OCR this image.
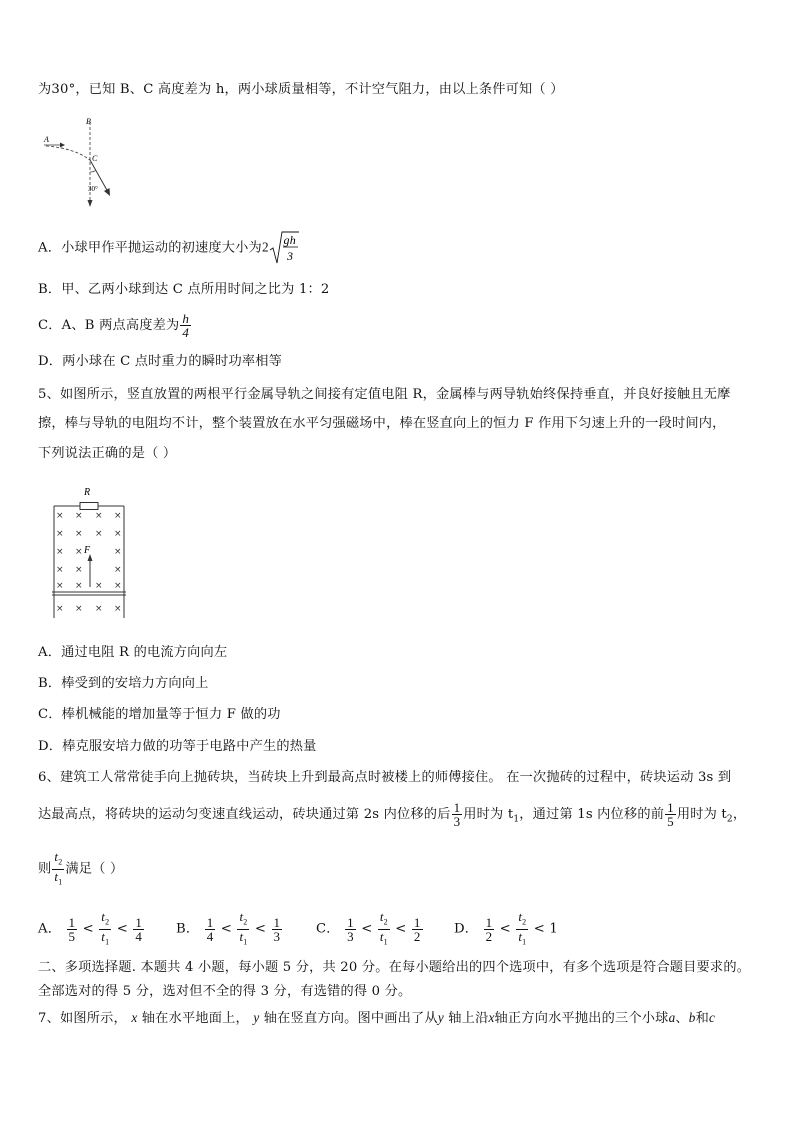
为30°，已知 B、C 高度差为 h，两小球质量相等，不计空气阻力，由以上条件可知（ ）
A
B
C
30°
A．小球甲作平抛运动的初速度大小为2 gh
3
B．甲、乙两小球到达 C 点所用时间之比为 1：2
C．A、B 两点高度差为 $\frac{h}{4}$
D．两小球在 C 点时重力的瞬时功率相等
5、如图所示，竖直放置的两根平行金属导轨之间接有定值电阻 R，金属棒与两导轨始终保持垂直，并良好接触且无摩
擦，棒与导轨的电阻均不计，整个装置放在水平匀强磁场中，棒在竖直向上的恒力 F 作用下匀速上升的一段时间内，
下列说法正确的是（ ）
R
F
× × × ×
× × × ×
× ×	×
× ×	×
× × × ×
× × × ×
A．通过电阻 R 的电流方向向左
B．棒受到的安培力方向向上
C．棒机械能的增加量等于恒力 F 做的功
D．棒克服安培力做的功等于电路中产生的热量
6、建筑工人常常徒手向上抛砖块，当砖块上升到最高点时被楼上的师傅接住。 在一次抛砖的过程中，砖块运动 3s 到
达最高点，将砖块的运动匀变速直线运动，砖块通过第 2s 内位移的后 $\frac{1}{3}$ 用时为 $t_1$，通过第 1s 内位移的前 $\frac{1}{5}$ 用时为 $t_2$，
则 $\frac{t_2}{t_1}$ 满足（ ）
A． $\frac{1}{5} < \frac{t_2}{t_1} < \frac{1}{4}$ B． $\frac{1}{4} < \frac{t_2}{t_1} < \frac{1}{3}$	C． $\frac{1}{3} < \frac{t_2}{t_1} < \frac{1}{2}$ D． $\frac{1}{2} < \frac{t_2}{t_1} < 1$
二、多项选择题. 本题共 4 小题，每小题 5 分，共 20 分。在每小题给出的四个选项中，有多个选项是符合题目要求的。
全部选对的得 5 分，选对但不全的得 3 分，有选错的得 0 分。
7、如图所示， x 轴在水平地面上， y 轴在竖直方向。图中画出了从y 轴上沿x轴正方向水平抛出的三个小球a、b和c
